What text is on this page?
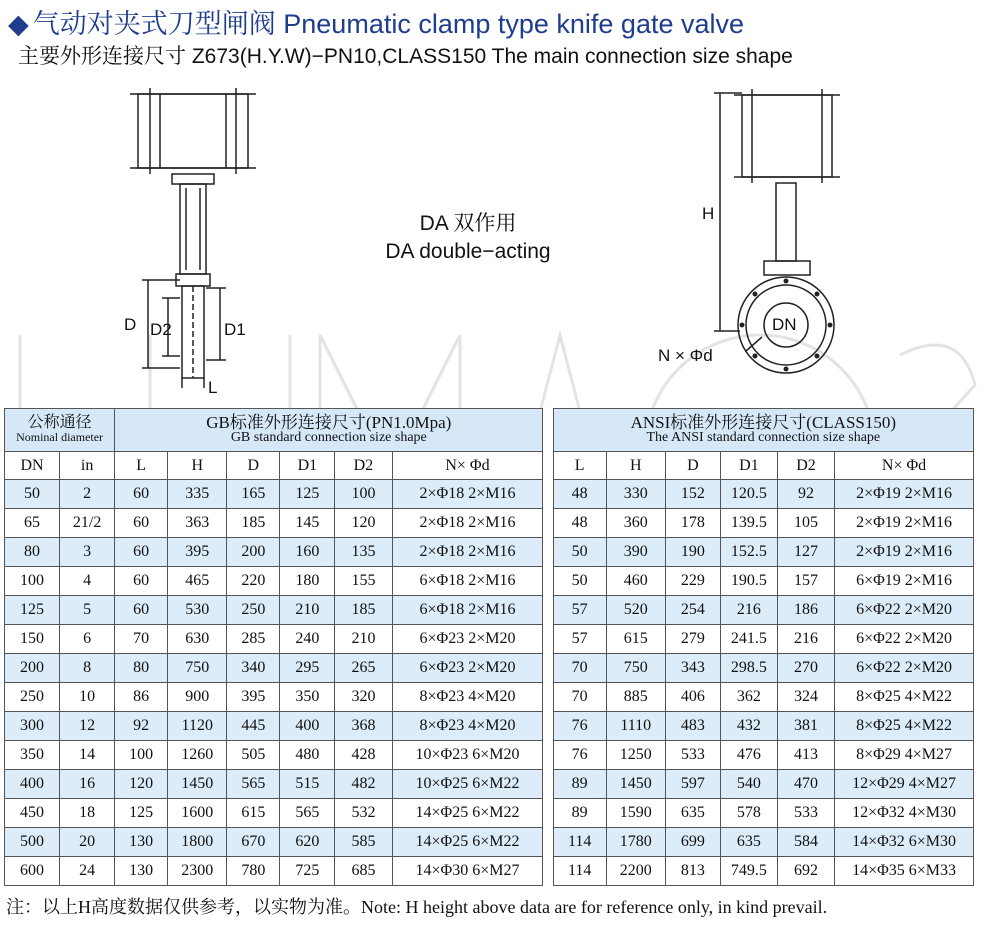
◆ 气动对夹式刀型闸阀 Pneumatic clamp type knife gate valve
主要外形连接尺寸 Z673(H.Y.W)−PN10,CLASS150 The main connection size shape
DA 双作用
DA double−acting
D D2	D1
L
H
DN
N × Φd
公称通径
Nominal diameter		GB标准外形连接尺寸(PN1.0Mpa)
GB standard connection size shape							ANSI标准外形连接尺寸(CLASS150)
The ANSI standard connection size shape					

DN	in	L	H	D	D1	D2	N× Φd		L	H	D	D1	D2	N× Φd
50	2	60	335	165	125	100	2×Φ18 2×M16		48	330	152	120.5	92	2×Φ19 2×M16
65	21/2	60	363	185	145	120	2×Φ18 2×M16		48	360	178	139.5	105	2×Φ19 2×M16
80	3	60	395	200	160	135	2×Φ18 2×M16		50	390	190	152.5	127	2×Φ19 2×M16
100	4	60	465	220	180	155	6×Φ18 2×M16		50	460	229	190.5	157	6×Φ19 2×M16
125	5	60	530	250	210	185	6×Φ18 2×M16		57	520	254	216	186	6×Φ22 2×M20
150	6	70	630	285	240	210	6×Φ23 2×M20		57	615	279	241.5	216	6×Φ22 2×M20
200	8	80	750	340	295	265	6×Φ23 2×M20		70	750	343	298.5	270	6×Φ22 2×M20
250	10	86	900	395	350	320	8×Φ23 4×M20		70	885	406	362	324	8×Φ25 4×M22
300	12	92	1120	445	400	368	8×Φ23 4×M20		76	1110	483	432	381	8×Φ25 4×M22
350	14	100	1260	505	480	428	10×Φ23 6×M20		76	1250	533	476	413	8×Φ29 4×M27
400	16	120	1450	565	515	482	10×Φ25 6×M22		89	1450	597	540	470	12×Φ29 4×M27
450	18	125	1600	615	565	532	14×Φ25 6×M22		89	1590	635	578	533	12×Φ32 4×M30
500	20	130	1800	670	620	585	14×Φ25 6×M22		114	1780	699	635	584	14×Φ32 6×M30
600	24	130	2300	780	725	685	14×Φ30 6×M27		114	2200	813	749.5	692	14×Φ35 6×M33
注：以上H高度数据仅供参考，以实物为准。Note: H height above data are for reference only, in kind prevail.
